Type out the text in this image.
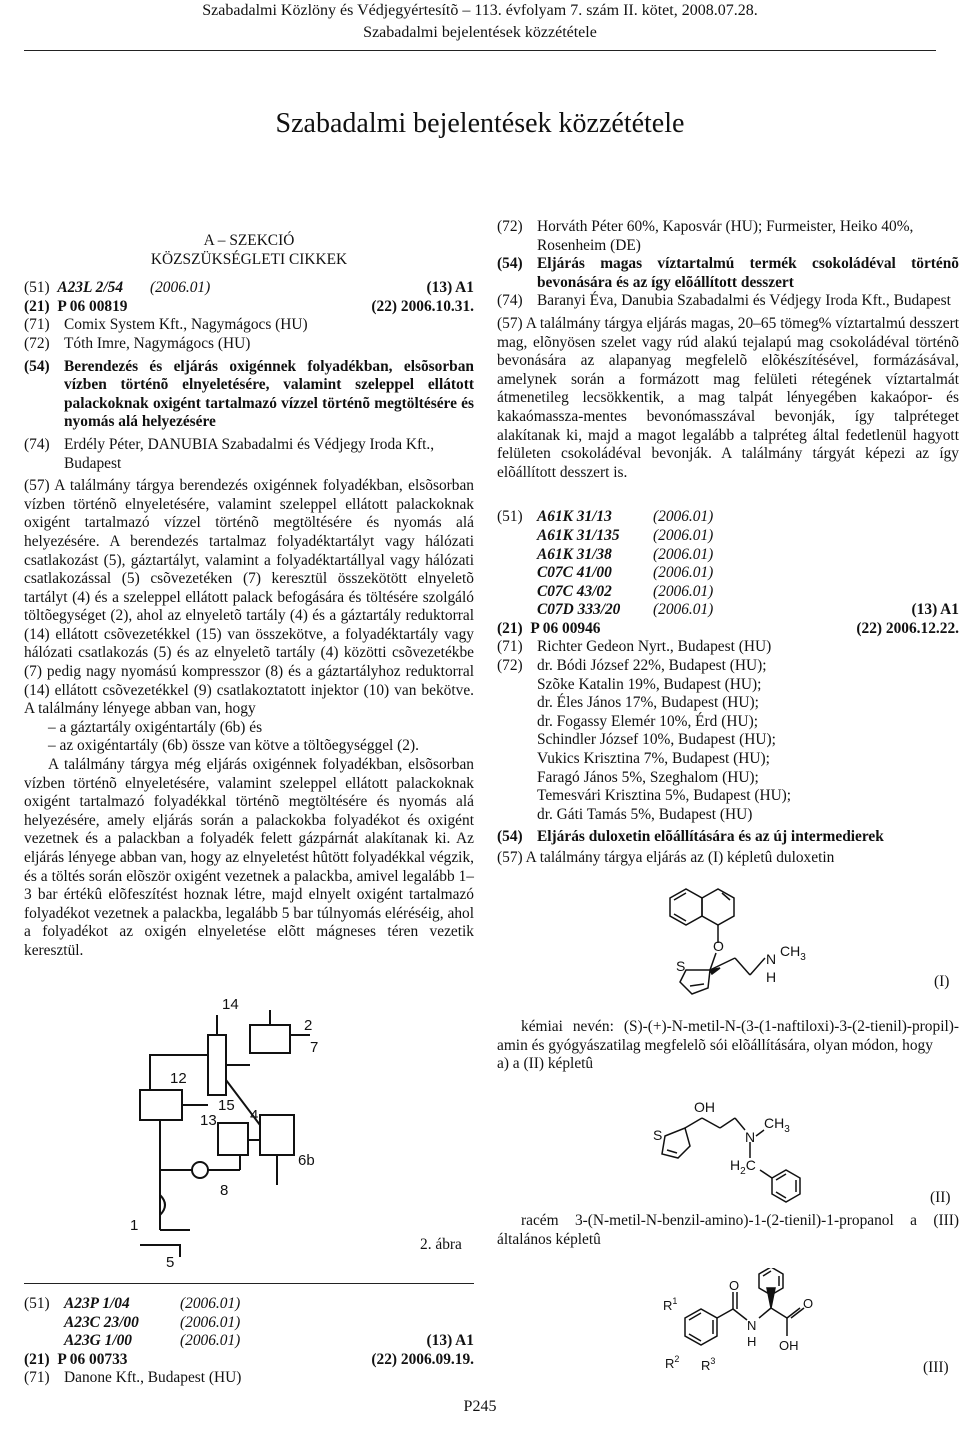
Szabadalmi Közlöny és Védjegyértesítõ – 113. évfolyam 7. szám II. kötet, 2008.07.28.
Szabadalmi bejelentések közzététele
Szabadalmi bejelentések közzététele

A – SZEKCIÓ

KÖZSZÜKSÉGLETI CIKKEK

(51)  A23L 2/54 (2006.01)	(13) A1
(21) P 06 00819	(22) 2006.10.31.
(71) Comix System Kft., Nagymágocs (HU)
(72) Tóth Imre, Nagymágocs (HU)
(54) Berendezés és eljárás oxigénnek folyadékban, elsõsorban vízben történõ elnyeletésére, valamint szeleppel ellátott palackoknak oxigént tartalmazó vízzel történõ megtöltésére és nyomás alá helyezésére
(74) Erdély Péter, DANUBIA Szabadalmi és Védjegy Iroda Kft., Budapest

(57) A találmány tárgya berendezés oxigénnek folyadékban, elsõsorban vízben történõ elnyeletésére, valamint szeleppel ellátott palackoknak oxigént tartalmazó vízzel történõ megtöltésére és nyomás alá helyezésére. A berendezés tartalmaz folyadéktartályt vagy hálózati csatlakozást (5), gáztartályt, valamint a folyadéktartállyal vagy hálózati csatlakozással (5) csõvezetéken (7) keresztül összekötött elnyeletõ tartályt (4) és a szeleppel ellátott palack befogására és töltésére szolgáló töltõegységet (2), ahol az elnyeletõ tartály (4) és a gáztartály reduktorral (14) ellátott csõvezetékkel (15) van összekötve, a folyadéktartály vagy hálózati csatlakozás (5) és az elnyeletõ tartály (4) közötti csõvezetékbe (7) pedig nagy nyomású kompresszor (8) és a gáztartályhoz reduktorral (14) ellátott csõvezetékkel (9) csatlakoztatott injektor (10) van bekötve. A találmány lényege abban van, hogy

– a gáztartály oxigéntartály (6b) és

– az oxigéntartály (6b) össze van kötve a töltõegységgel (2).

A találmány tárgya még eljárás oxigénnek folyadékban, elsõsorban vízben történõ elnyeletésére, valamint szeleppel ellátott palackoknak oxigént tartalmazó folyadékkal történõ megtöltésére és nyomás alá helyezésére, amely eljárás során a palackokba folyadékot és oxigént vezetnek és a palackban a folyadék felett gázpárnát alakítanak ki. Az eljárás lényege abban van, hogy az elnyeletést hûtött folyadékkal végzik, és a töltés során elõször oxigént vezetnek a palackba, amivel legalább 1–3 bar értékû elõfeszítést hoznak létre, majd elnyelt oxigént tartalmazó folyadékot vezetnek a palackba, legalább 5 bar túlnyomás eléréséig, ahol a folyadékot az oxigén elnyeletése elõtt mágneses téren vezetik keresztül.

14
2
7
12
15
13 4
6b
8
1
5
2. ábra
(72) Horváth Péter 60%, Kaposvár (HU); Furmeister, Heiko 40%, Rosenheim (DE)
(54) Eljárás magas víztartalmú termék csokoládéval történõ bevonására és az így elõállított desszert
(74) Baranyi Éva, Danubia Szabadalmi és Védjegy Iroda Kft., Budapest

(57) A találmány tárgya eljárás magas, 20–65 tömeg% víztartalmú desszert mag, elõnyösen szelet vagy rúd alakú tejalapú mag csokoládéval történõ bevonására az alapanyag megfelelõ elõkészítésével, formázásával, amelynek során a formázott mag felületi rétegének víztartalmát átmenetileg lecsökkentik, a mag talpát lényegében kakaópor- és kakaómassza-mentes bevonómasszával bevonják, így talpréteget alakítanak ki, majd a magot legalább a talpréteg által fedetlenül hagyott felületen csokoládéval bevonják. A találmány tárgyát képezi az így elõállított desszert is.

(51) A61K 31/13	(2006.01)
A61K 31/135	(2006.01)
A61K 31/38	(2006.01)
C07C 41/00	(2006.01)
C07C 43/02	(2006.01)
C07D 333/20	(2006.01)	(13) A1
(21) P 06 00946	(22) 2006.12.22.
(71) Richter Gedeon Nyrt., Budapest (HU)
(72) dr. Bódi József 22%, Budapest (HU);
Szõke Katalin 19%, Budapest (HU);
dr. Éles János 17%, Budapest (HU);
dr. Fogassy Elemér 10%, Érd (HU);
Schindler József 10%, Budapest (HU);
Vukics Krisztina 7%, Budapest (HU);
Faragó János 5%, Szeghalom (HU);
Temesvári Krisztina 5%, Budapest (HU);
dr. Gáti Tamás 5%, Budapest (HU)
(54) Eljárás duloxetin elõállítására és az új intermedierek

(57) A találmány tárgya eljárás az (I) képletû duloxetin

O
S	N
H
$CH_3$
(I)

kémiai nevén: (S)-(+)-N-metil-N-(3-(1-naftiloxi)-3-(2-tienil)-propil)-amin és gyógyászatilag megfelelõ sói elõállítására, olyan módon, hogy

a) a (II) képletû

OH
S	N
$CH_3$
$H_2C$
(II)

racém 3-(N-metil-N-benzil-amino)-1-(2-tienil)-1-propanol a (III) általános képletû

$R^1$
$R^2$ $R^3$
O
O
N
H OH
(III)
(51) A23P 1/04	(2006.01)
A23C 23/00	(2006.01)
A23G 1/00	(2006.01)	(13) A1
(21) P 06 00733	(22) 2006.09.19.
(71) Danone Kft., Budapest (HU)
P245
